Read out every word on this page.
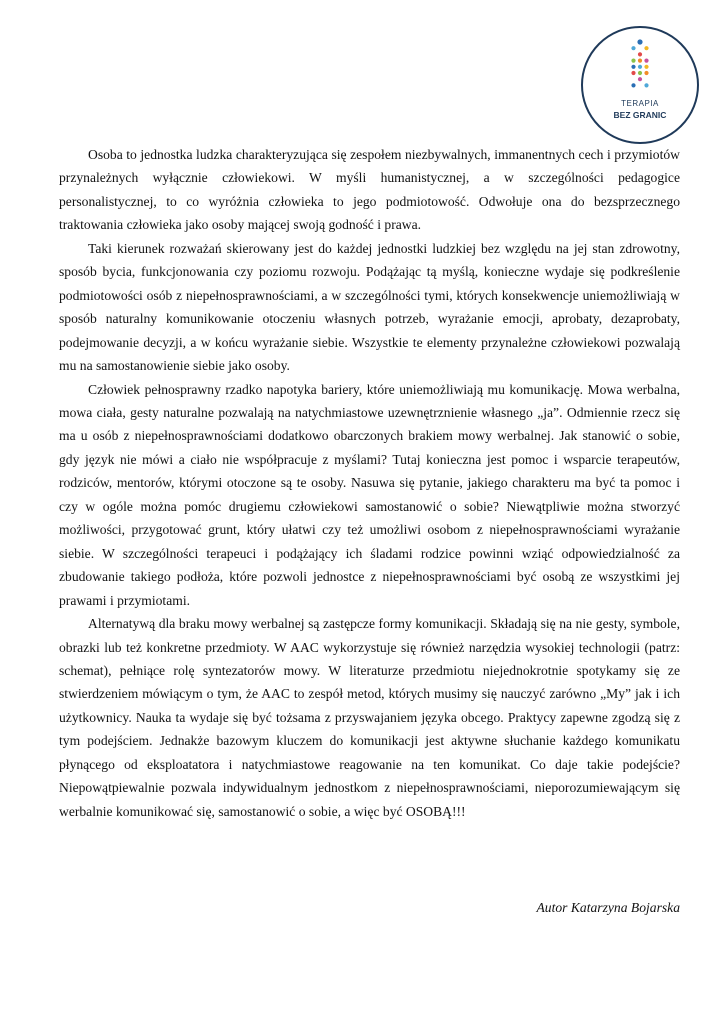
TERAPIA
BEZ GRANIC

Osoba to jednostka ludzka charakteryzująca się zespołem niezbywalnych, immanentnych cech i przymiotów przynależnych wyłącznie człowiekowi. W myśli humanistycznej, a w szczególności pedagogice personalistycznej, to co wyróżnia człowieka to jego podmiotowość. Odwołuje ona do bezsprzecznego traktowania człowieka jako osoby mającej swoją godność i prawa.

Taki kierunek rozważań skierowany jest do każdej jednostki ludzkiej bez względu na jej stan zdrowotny, sposób bycia, funkcjonowania czy poziomu rozwoju. Podążając tą myślą, konieczne wydaje się podkreślenie podmiotowości osób z niepełnosprawnościami, a w szczególności tymi, których konsekwencje uniemożliwiają w sposób naturalny komunikowanie otoczeniu własnych potrzeb, wyrażanie emocji, aprobaty, dezaprobaty, podejmowanie decyzji, a w końcu wyrażanie siebie. Wszystkie te elementy przynależne człowiekowi pozwalają mu na samostanowienie siebie jako osoby.

Człowiek pełnosprawny rzadko napotyka bariery, które uniemożliwiają mu komunikację. Mowa werbalna, mowa ciała, gesty naturalne pozwalają na natychmiastowe uzewnętrznienie własnego „ja”. Odmiennie rzecz się ma u osób z niepełnosprawnościami dodatkowo obarczonych brakiem mowy werbalnej. Jak stanowić o sobie, gdy język nie mówi a ciało nie współpracuje z myślami? Tutaj konieczna jest pomoc i wsparcie terapeutów, rodziców, mentorów, którymi otoczone są te osoby. Nasuwa się pytanie, jakiego charakteru ma być ta pomoc i czy w ogóle można pomóc drugiemu człowiekowi samostanowić o sobie? Niewątpliwie można stworzyć możliwości, przygotować grunt, który ułatwi czy też umożliwi osobom z niepełnosprawnościami wyrażanie siebie. W szczególności terapeuci i podążający ich śladami rodzice powinni wziąć odpowiedzialność za zbudowanie takiego podłoża, które pozwoli jednostce z niepełnosprawnościami być osobą ze wszystkimi jej prawami i przymiotami.

Alternatywą dla braku mowy werbalnej są zastępcze formy komunikacji. Składają się na nie gesty, symbole, obrazki lub też konkretne przedmioty. W AAC wykorzystuje się również narzędzia wysokiej technologii (patrz: schemat), pełniące rolę syntezatorów mowy. W literaturze przedmiotu niejednokrotnie spotykamy się ze stwierdzeniem mówiącym o tym, że AAC to zespół metod, których musimy się nauczyć zarówno „My” jak i ich użytkownicy. Nauka ta wydaje się być tożsama z przyswajaniem języka obcego. Praktycy zapewne zgodzą się z tym podejściem. Jednakże bazowym kluczem do komunikacji jest aktywne słuchanie każdego komunikatu płynącego od eksploatatora i natychmiastowe reagowanie na ten komunikat. Co daje takie podejście? Niepowątpiewalnie pozwala indywidualnym jednostkom z niepełnosprawnościami, nieporozumiewającym się werbalnie komunikować się, samostanowić o sobie, a więc być OSOBĄ!!!

Autor Katarzyna Bojarska
